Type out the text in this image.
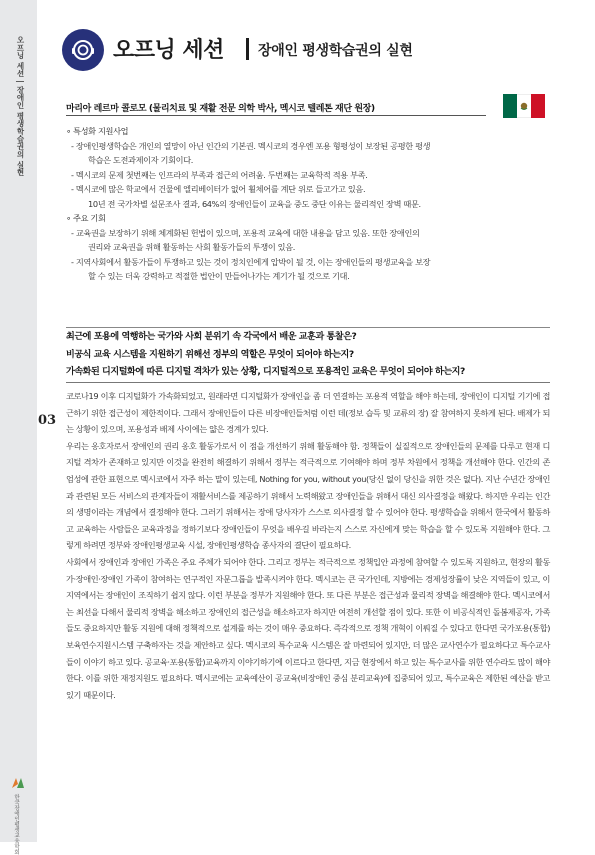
오프닝 세션 | 장애인 평생학습권의 실현
한국장애인평생교육학회
03
오프닝 세션 장애인 평생학습권의 실현
마리아 레르마 콜로모 (물리치료 및 재활 전문 의학 박사, 멕시코 텔레톤 재단 원장)
∘ 특성화 지원사업
- 장애인평생학습은 개인의 열망이 아닌 인간의 기본권. 멕시코의 경우엔 포용 형평성이 보장된 공평한 평생
학습은 도전과제이자 기회이다.
- 멕시코의 문제 첫번째는 인프라의 부족과 접근의 어려움. 두번째는 교육학적 적용 부족.
- 멕시코에 많은 학교에서 건물에 엘리베이터가 없어 휠체어를 계단 위로 들고가고 있음.
10년 전 국가차별 설문조사 결과, 64%의 장애인들이 교육을 중도 중단 이유는 물리적인 장벽 때문.
∘ 주요 기회
- 교육권을 보장하기 위해 체계화된 헌법이 있으며, 포용적 교육에 대한 내용을 담고 있음. 또한 장애인의
권리와 교육권을 위해 활동하는 사회 활동가들의 투쟁이 있음.
- 지역사회에서 활동가들이 투쟁하고 있는 것이 정치인에게 압박이 될 것, 이는 장애인들의 평생교육을 보장
할 수 있는 더욱 강력하고 적절한 법안이 만들어나가는 계기가 될 것으로 기대.
최근에 포용에 역행하는 국가와 사회 분위기 속 각국에서 배운 교훈과 통찰은?
비공식 교육 시스템을 지원하기 위해선 정부의 역할은 무엇이 되어야 하는지?
가속화된 디지털화에 따른 디지털 격차가 있는 상황, 디지털적으로 포용적인 교육은 무엇이 되어야 하는지?

코로나19 이후 디지털화가 가속화되었고, 원래라면 디지털화가 장애인을 좀 더 연결하는 포용적 역할을 해야 하는데, 장애인이 디지털 기기에 접근하기 위한 접근성이 제한적이다. 그래서 장애인들이 다른 비장애인들처럼 이런 데(정보 습득 및 교류의 장) 잘 참여하지 못하게 된다. 배제가 되는 상황이 있으며, 포용성과 배제 사이에는 얇은 경계가 있다.

우리는 옹호자로서 장애인의 권리 옹호 활동가로서 이 점을 개선하기 위해 활동해야 함. 정책들이 실질적으로 장애인들의 문제를 다루고 현재 디지털 격차가 존재하고 있지만 이것을 완전히 해결하기 위해서 정부는 적극적으로 기여해야 하며 정부 차원에서 정책을 개선해야 한다. 인간의 존엄성에 관한 표현으로 멕시코에서 자주 하는 말이 있는데, Nothing for you, without you(당신 없이 당신을 위한 것은 없다). 지난 수년간 장애인과 관련된 모든 서비스의 관계자들이 재활서비스를 제공하기 위해서 노력해왔고 장애인들을 위해서 대신 의사결정을 해왔다. 하지만 우리는 인간의 생명이라는 개념에서 결정해야 한다. 그러기 위해서는 장애 당사자가 스스로 의사결정 할 수 있어야 한다. 평생학습을 위해서 한국에서 활동하고 교육하는 사람들은 교육과정을 정하기보다 장애인들이 무엇을 배우길 바라는지 스스로 자신에게 맞는 학습을 할 수 있도록 지원해야 한다. 그렇게 하려면 정부와 장애인평생교육 시설, 장애인평생학습 종사자의 결단이 필요하다.

사회에서 장애인과 장애인 가족은 주요 주체가 되어야 한다. 그리고 정부는 적극적으로 정책입안 과정에 참여할 수 있도록 지원하고, 현장의 활동가·장애인·장애인 가족이 참여하는 연구적인 자문그룹을 발족시켜야 한다. 멕시코는 큰 국가인데, 지방에는 경제성장률이 낮은 지역들이 있고, 이 지역에서는 장애인이 조직하기 쉽지 않다. 이런 부분을 정부가 지원해야 한다. 또 다른 부분은 접근성과 물리적 장벽을 해결해야 한다. 멕시코에서는 최선을 다해서 물리적 장벽을 해소하고 장애인의 접근성을 해소하고자 하지만 여전히 개선할 점이 있다. 또한 이 비공식적인 돌봄제공자, 가족들도 중요하지만 활동 지원에 대해 정책적으로 설계를 하는 것이 매우 중요하다. 즉각적으로 정책 개혁이 이뤄질 수 있다고 한다면 국가포용(통합)보육연수지원시스템 구축하자는 것을 제안하고 싶다. 멕시코의 특수교육 시스템은 잘 마련되어 있지만, 더 많은 교사연수가 필요하다고 특수교사들이 이야기 하고 있다. 공교육·포용(통합)교육까지 이야기하기에 이르다고 한다면, 지금 현장에서 하고 있는 특수교사를 위한 연수라도 많이 해야 한다. 이를 위한 재정지원도 필요하다. 멕시코에는 교육예산이 공교육(비장애인 중심 분리교육)에 집중되어 있고, 특수교육은 제한된 예산을 받고 있기 때문이다.
